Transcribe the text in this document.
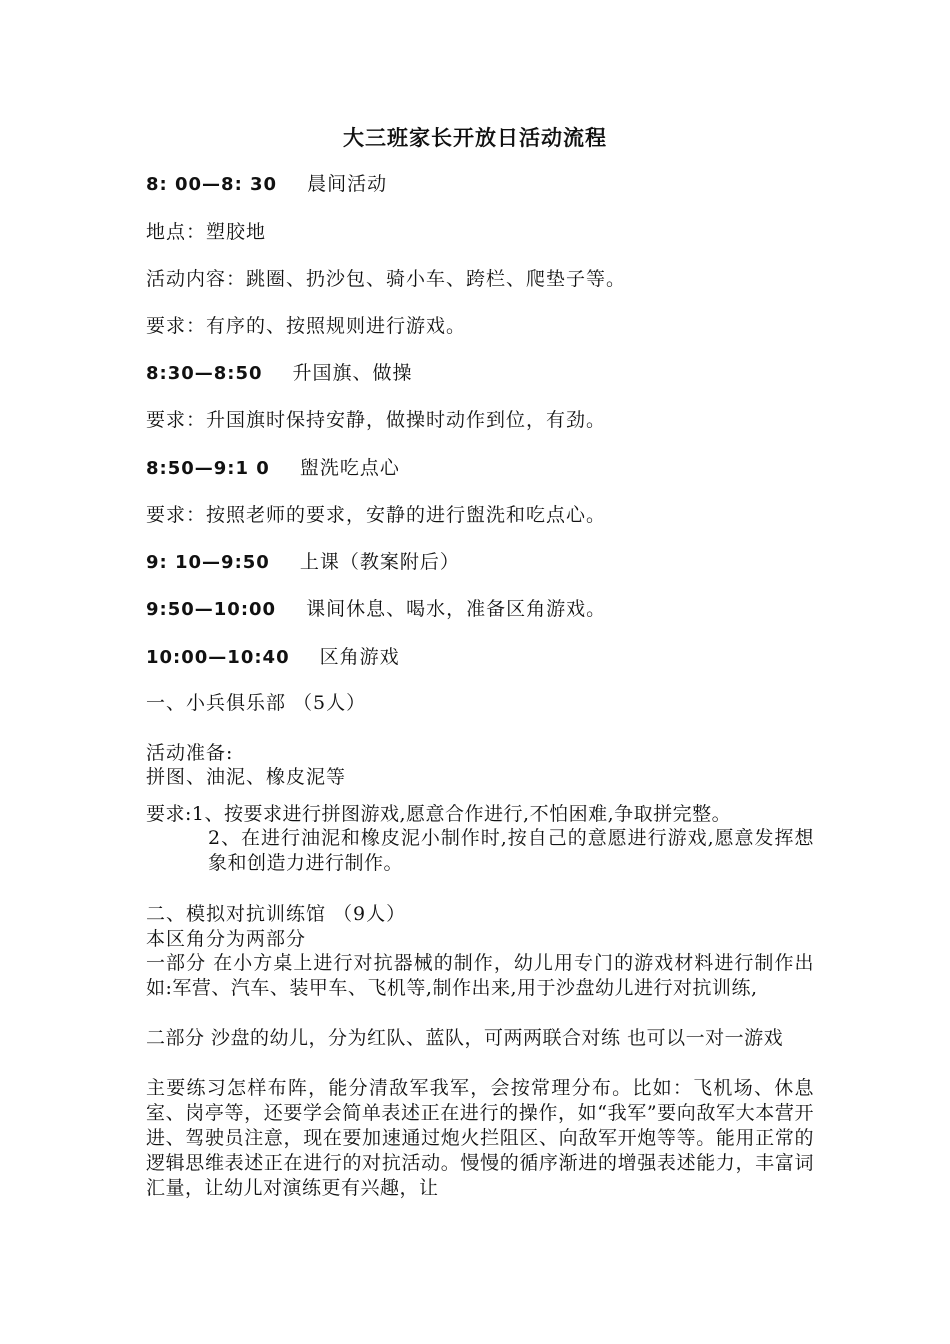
大三班家长开放日活动流程
8: 00—8: 30 晨间活动
地点：塑胶地
活动内容：跳圈、扔沙包、骑小车、跨栏、爬垫子等。
要求：有序的、按照规则进行游戏。
8:30—8:50 升国旗、做操
要求：升国旗时保持安静，做操时动作到位，有劲。
8:50—9:1 0 盥洗吃点心
要求：按照老师的要求，安静的进行盥洗和吃点心。
9: 10—9:50 上课（教案附后）
9:50—10:00 课间休息、喝水，准备区角游戏。
10:00—10:40 区角游戏
一、小兵俱乐部 （5人）
活动准备:
拼图、油泥、橡皮泥等
要求:1、按要求进行拼图游戏,愿意合作进行,不怕困难,争取拼完整。
2、在进行油泥和橡皮泥小制作时,按自己的意愿进行游戏,愿意发挥想象和创造力进行制作。
二、模拟对抗训练馆 （9人）
本区角分为两部分
一部分 在小方桌上进行对抗器械的制作，幼儿用专门的游戏材料进行制作出如:军营、汽车、装甲车、飞机等,制作出来,用于沙盘幼儿进行对抗训练,
二部分 沙盘的幼儿，分为红队、蓝队，可两两联合对练 也可以一对一游戏
主要练习怎样布阵，能分清敌军我军，会按常理分布。比如：飞机场、休息室、岗亭等，还要学会简单表述正在进行的操作，如“我军”要向敌军大本营开进、驾驶员注意，现在要加速通过炮火拦阻区、向敌军开炮等等。能用正常的逻辑思维表述正在进行的对抗活动。慢慢的循序渐进的增强表述能力，丰富词汇量，让幼儿对演练更有兴趣，让
